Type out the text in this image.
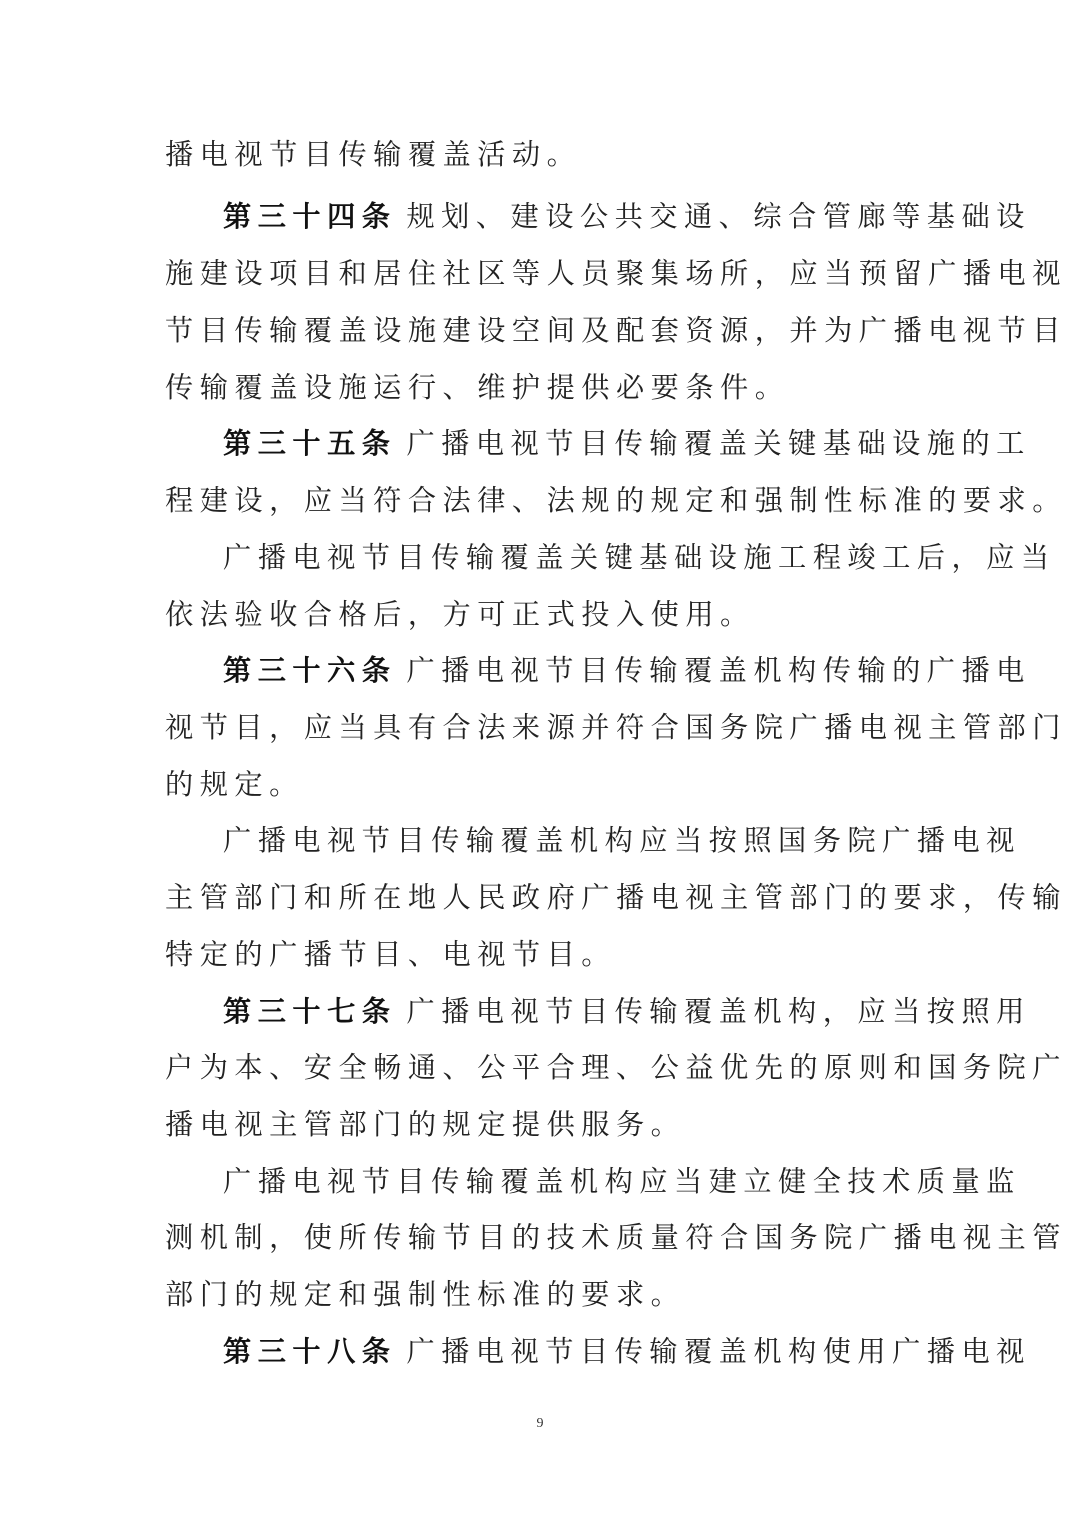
播电视节目传输覆盖活动。
第三十四条 规划、建设公共交通、综合管廊等基础设
施建设项目和居住社区等人员聚集场所，应当预留广播电视
节目传输覆盖设施建设空间及配套资源，并为广播电视节目
传输覆盖设施运行、维护提供必要条件。
第三十五条 广播电视节目传输覆盖关键基础设施的工
程建设，应当符合法律、法规的规定和强制性标准的要求。
广播电视节目传输覆盖关键基础设施工程竣工后，应当
依法验收合格后，方可正式投入使用。
第三十六条 广播电视节目传输覆盖机构传输的广播电
视节目，应当具有合法来源并符合国务院广播电视主管部门
的规定。
广播电视节目传输覆盖机构应当按照国务院广播电视
主管部门和所在地人民政府广播电视主管部门的要求，传输
特定的广播节目、电视节目。
第三十七条 广播电视节目传输覆盖机构，应当按照用
户为本、安全畅通、公平合理、公益优先的原则和国务院广
播电视主管部门的规定提供服务。
广播电视节目传输覆盖机构应当建立健全技术质量监
测机制，使所传输节目的技术质量符合国务院广播电视主管
部门的规定和强制性标准的要求。
第三十八条 广播电视节目传输覆盖机构使用广播电视
9
